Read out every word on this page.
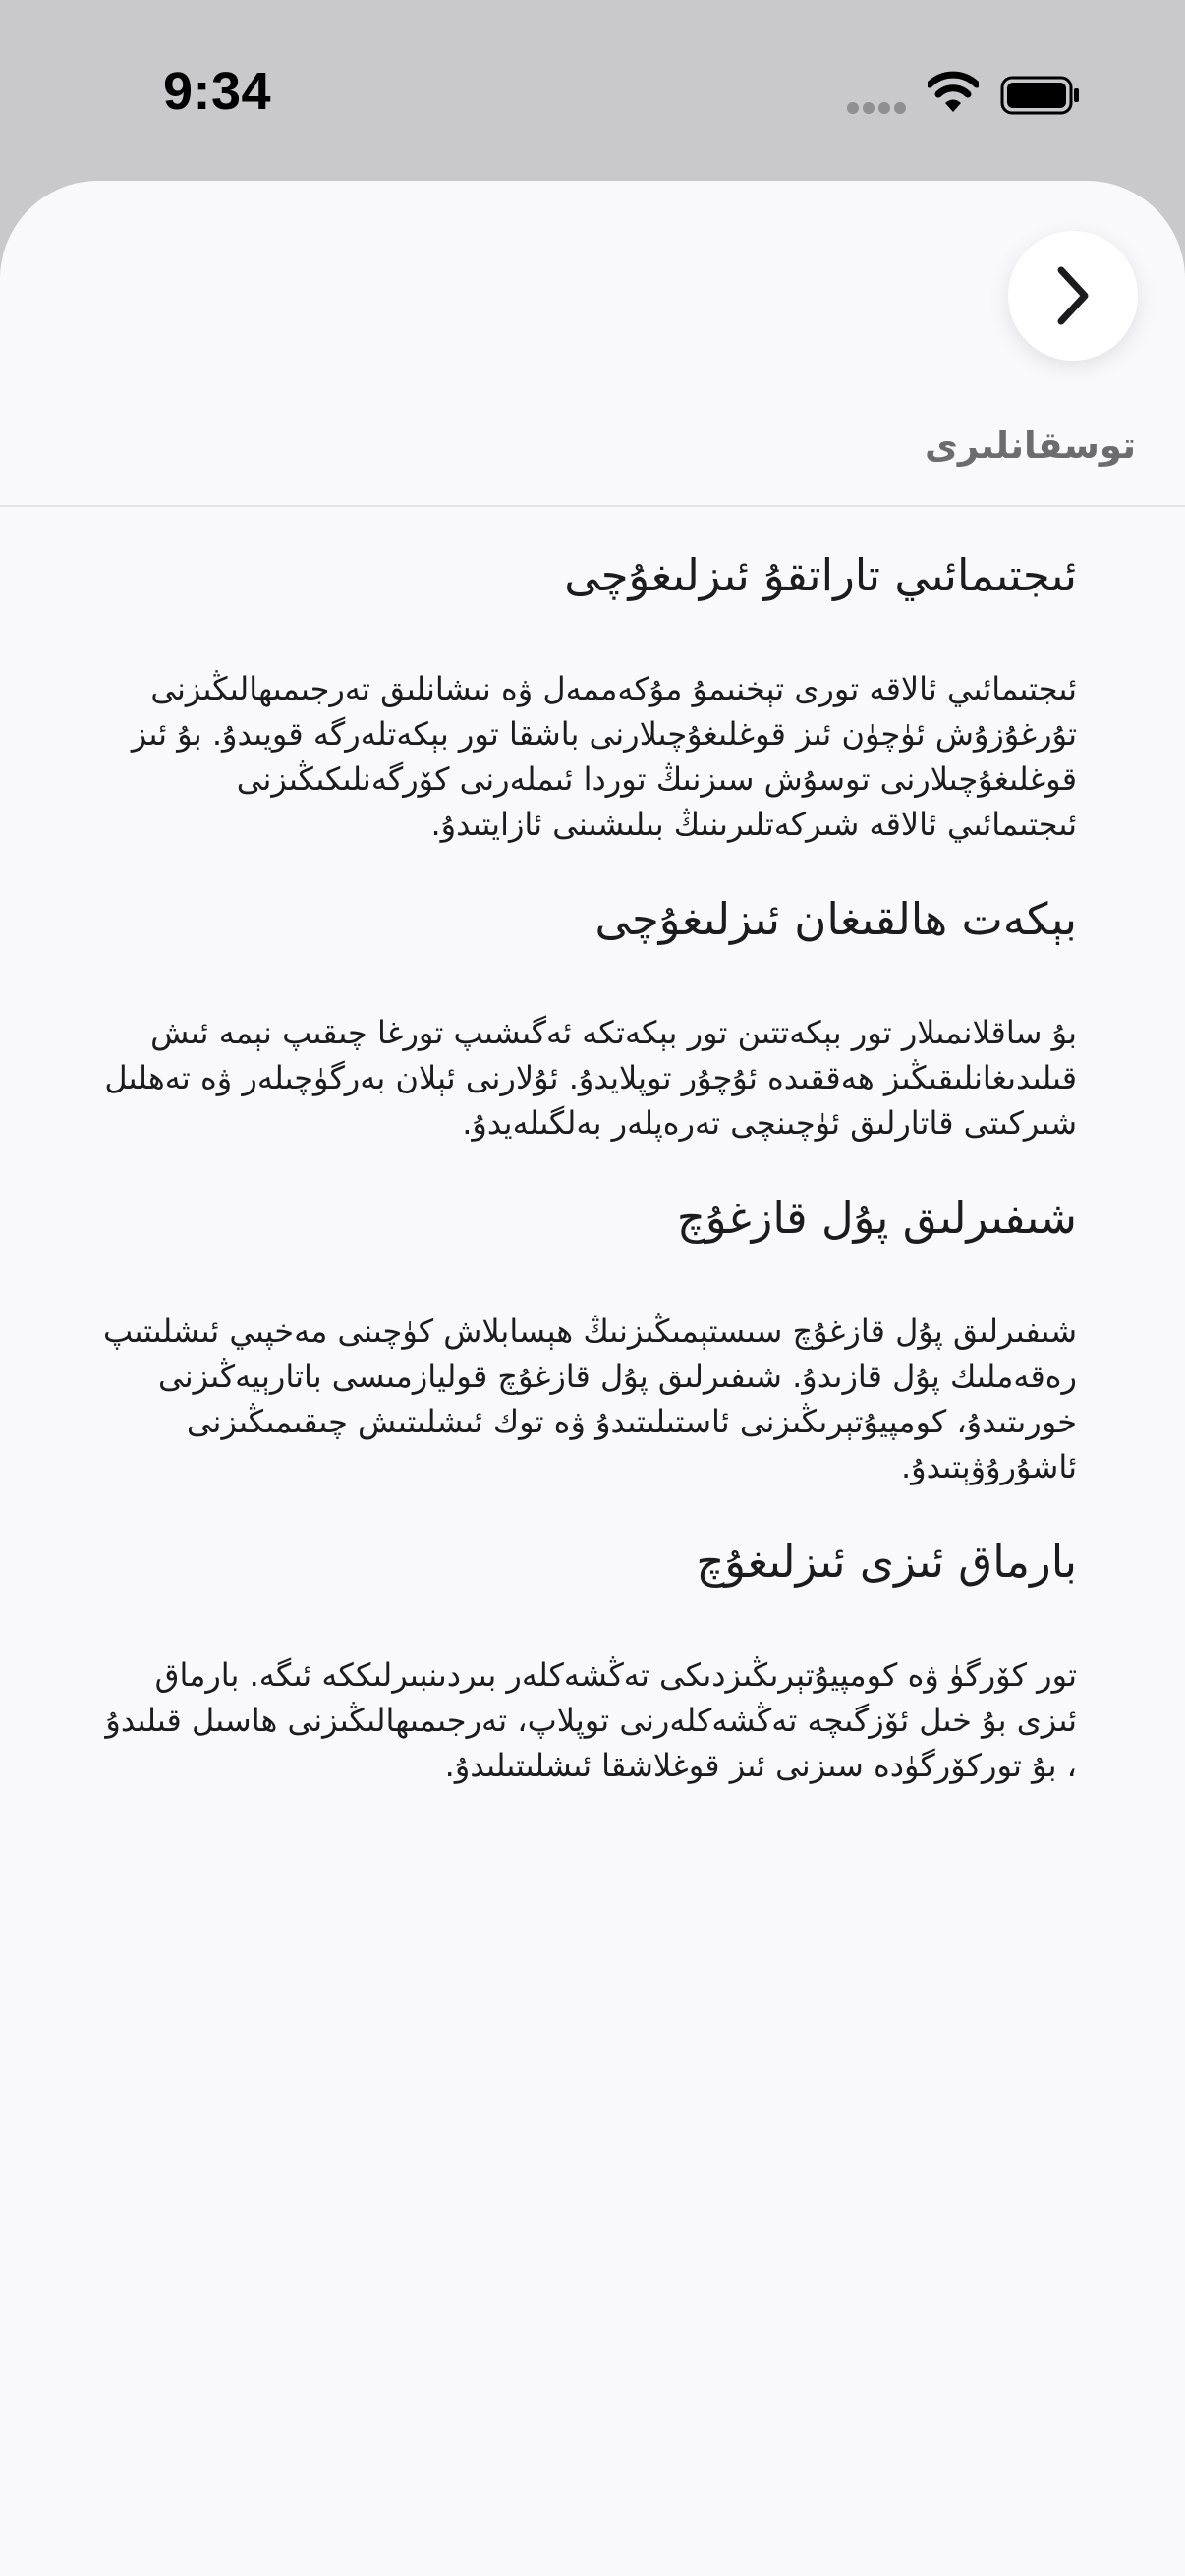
9:34
توسقانلىرى
ئىجتىمائىي تاراتقۇ ئىزلىغۇچى

ئىجتىمائىي ئالاقە تورى تېخنىمۇ مۇكەممەل ۋە نىشانلىق تەرجىمىھالىڭىزنى تۇرغۇزۇش ئۈچۈن ئىز قوغلىغۇچىلارنى باشقا تور بېكەتلەرگە قويىدۇ. بۇ ئىز قوغلىغۇچىلارنى توسۇش سىزنىڭ توردا ئىملەرنى كۆرگەنلىكىڭىزنى ئىجتىمائىي ئالاقە شىركەتلىرىنىڭ بىلىشىنى ئازايتىدۇ.

بېكەت ھالقىغان ئىزلىغۇچى

بۇ ساقلانمىلار تور بېكەتتىن تور بېكەتكە ئەگىشىپ تورغا چىقىپ نېمە ئىش قىلىدىغانلىقىڭىز ھەققىدە ئۇچۇر توپلايدۇ. ئۇلارنى ئېلان بەرگۈچىلەر ۋە تەھلىل شىركىتى قاتارلىق ئۈچىنچى تەرەپلەر بەلگىلەيدۇ.

شىفىرلىق پۇل قازغۇچ

شىفىرلىق پۇل قازغۇچ سىستېمىڭىزنىڭ ھېسابلاش كۈچىنى مەخپىي ئىشلىتىپ رەقەملىك پۇل قازىدۇ. شىفىرلىق پۇل قازغۇچ قوليازمىسى باتارېيەڭىزنى خورىتىدۇ، كومپيۇتېرىڭىزنى ئاستىلىتىدۇ ۋە توك ئىشلىتىش چىقىمىڭىزنى ئاشۇرۇۋېتىدۇ.

بارماق ئىزى ئىزلىغۇچ

تور كۆرگۈ ۋە كومپيۇتېرىڭىزدىكى تەڭشەكلەر بىردىنبىرلىككە ئىگە. بارماق ئىزى بۇ خىل ئۆزگىچە تەڭشەكلەرنى توپلاپ، تەرجىمىھالىڭىزنى ھاسىل قىلىدۇ ، بۇ توركۆرگۈدە سىزنى ئىز قوغلاشقا ئىشلىتىلىدۇ.
